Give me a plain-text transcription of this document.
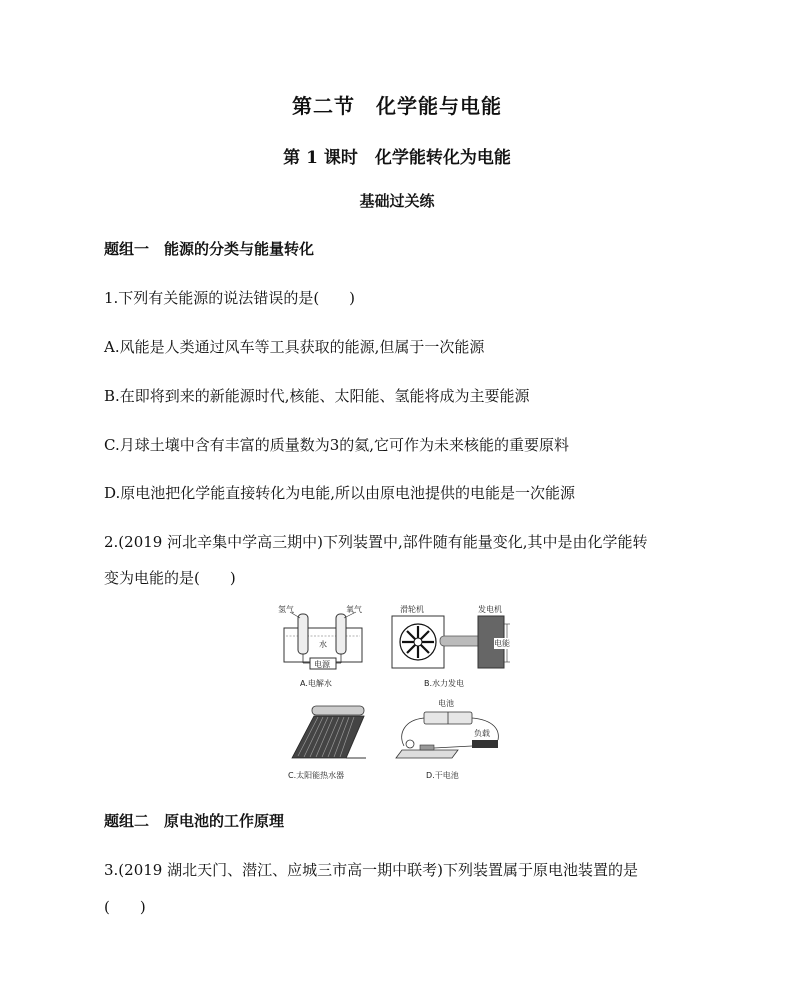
第二节　化学能与电能
第 1 课时　化学能转化为电能
基础过关练
题组一　能源的分类与能量转化
1.下列有关能源的说法错误的是(　　)
A.风能是人类通过风车等工具获取的能源,但属于一次能源
B.在即将到来的新能源时代,核能、太阳能、氢能将成为主要能源
C.月球土壤中含有丰富的质量数为3的氦,它可作为未来核能的重要原料
D.原电池把化学能直接转化为电能,所以由原电池提供的电能是一次能源
2.(2019 河北辛集中学高三期中)下列装置中,部件随有能量变化,其中是由化学能转
变为电能的是(　　)
氢气	氧气
水
电源
A.电解水
滑轮机	发电机
电能
B.水力发电
C.太阳能热水器
电池
负载
D.干电池
题组二　原电池的工作原理
3.(2019 湖北天门、潜江、应城三市高一期中联考)下列装置属于原电池装置的是
(　　)
